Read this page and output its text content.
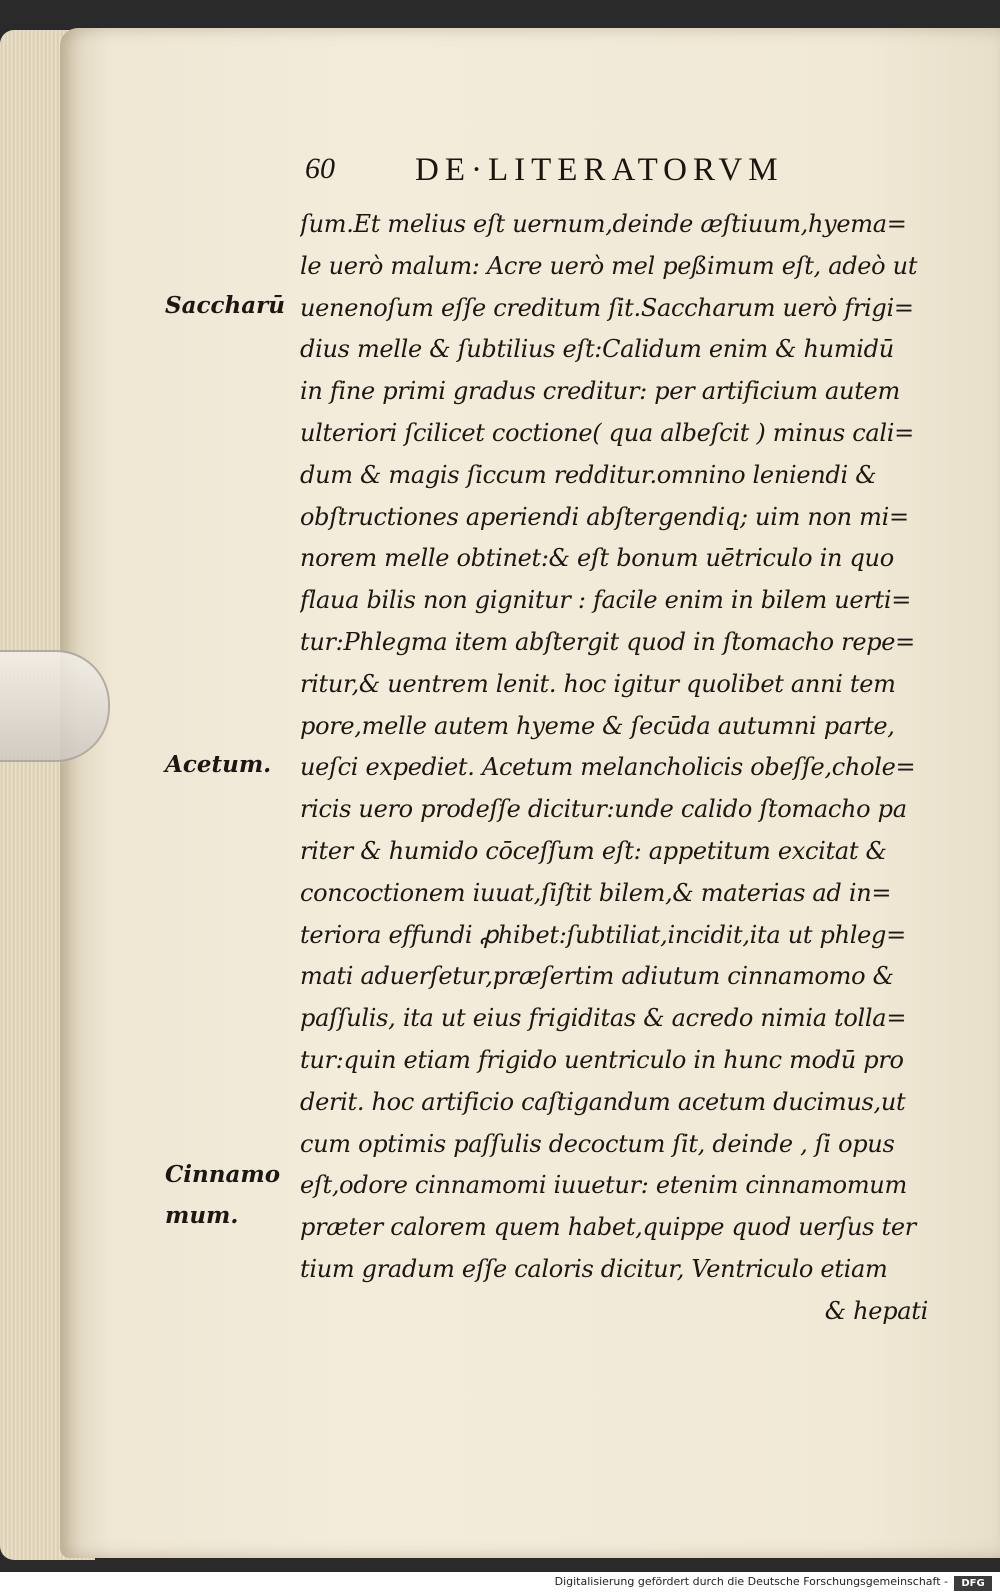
60 DE·LITERATORVM
Saccharū
Acetum.
Cinnamo
mum.
ſum.Et melius eſt uernum,deinde æſtiuum,hyema=
le uerò malum: Acre uerò mel peßimum eſt, adeò ut
uenenoſum eſſe creditum ſit.Saccharum uerò frigi=
dius melle & ſubtilius eſt:Calidum enim & humidū
in fine primi gradus creditur: per artificium autem
ulteriori ſcilicet coctione( qua albeſcit ) minus cali=
dum & magis ſiccum redditur.omnino leniendi &
obſtructiones aperiendi abſtergendiq; uim non mi=
norem melle obtinet:& eſt bonum uētriculo in quo
flaua bilis non gignitur : facile enim in bilem uerti=
tur:Phlegma item abſtergit quod in ſtomacho repe=
ritur,& uentrem lenit. hoc igitur quolibet anni tem
pore,melle autem hyeme & ſecūda autumni parte,
ueſci expediet. Acetum melancholicis obeſſe,chole=
ricis uero prodeſſe dicitur:unde calido ſtomacho pa
riter & humido cōceſſum eſt: appetitum excitat &
concoctionem iuuat,ſiſtit bilem,& materias ad in=
teriora effundi ꝓhibet:ſubtiliat,incidit,ita ut phleg=
mati aduerſetur,præſertim adiutum cinnamomo &
paſſulis, ita ut eius frigiditas & acredo nimia tolla=
tur:quin etiam frigido uentriculo in hunc modū pro
derit. hoc artificio caſtigandum acetum ducimus,ut
cum optimis paſſulis decoctum ſit, deinde , ſi opus
eſt,odore cinnamomi iuuetur: etenim cinnamomum
præter calorem quem habet,quippe quod uerſus ter
tium gradum eſſe caloris dicitur, Ventriculo etiam
& hepati
Digitalisierung gefördert durch die Deutsche Forschungsgemeinschaft -	DFG
